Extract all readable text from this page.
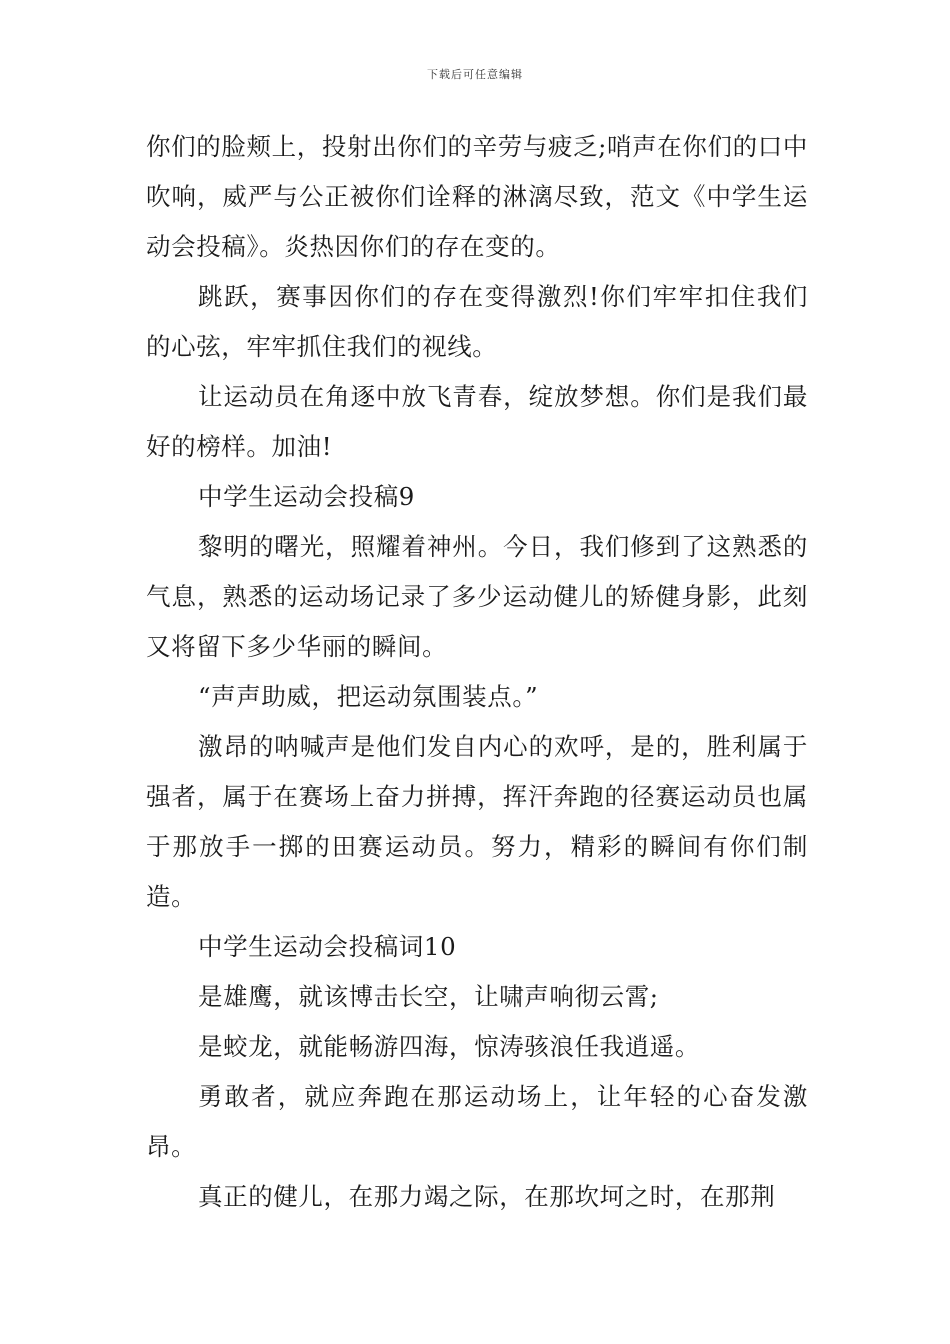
下载后可任意编辑

你们的脸颊上，投射出你们的辛劳与疲乏;哨声在你们的口中吹响，威严与公正被你们诠释的淋漓尽致，范文《中学生运动会投稿》。炎热因你们的存在变的。

跳跃，赛事因你们的存在变得激烈!你们牢牢扣住我们的心弦，牢牢抓住我们的视线。

让运动员在角逐中放飞青春，绽放梦想。你们是我们最好的榜样。加油!

中学生运动会投稿9

黎明的曙光，照耀着神州。今日，我们修到了这熟悉的气息，熟悉的运动场记录了多少运动健儿的矫健身影，此刻又将留下多少华丽的瞬间。

“声声助威，把运动氛围装点。”

激昂的呐喊声是他们发自内心的欢呼，是的，胜利属于强者，属于在赛场上奋力拼搏，挥汗奔跑的径赛运动员也属于那放手一掷的田赛运动员。努力，精彩的瞬间有你们制造。

中学生运动会投稿词10

是雄鹰，就该博击长空，让啸声响彻云霄;

是蛟龙，就能畅游四海，惊涛骇浪任我逍遥。

勇敢者，就应奔跑在那运动场上，让年轻的心奋发激昂。

真正的健儿，在那力竭之际，在那坎坷之时，在那荆
